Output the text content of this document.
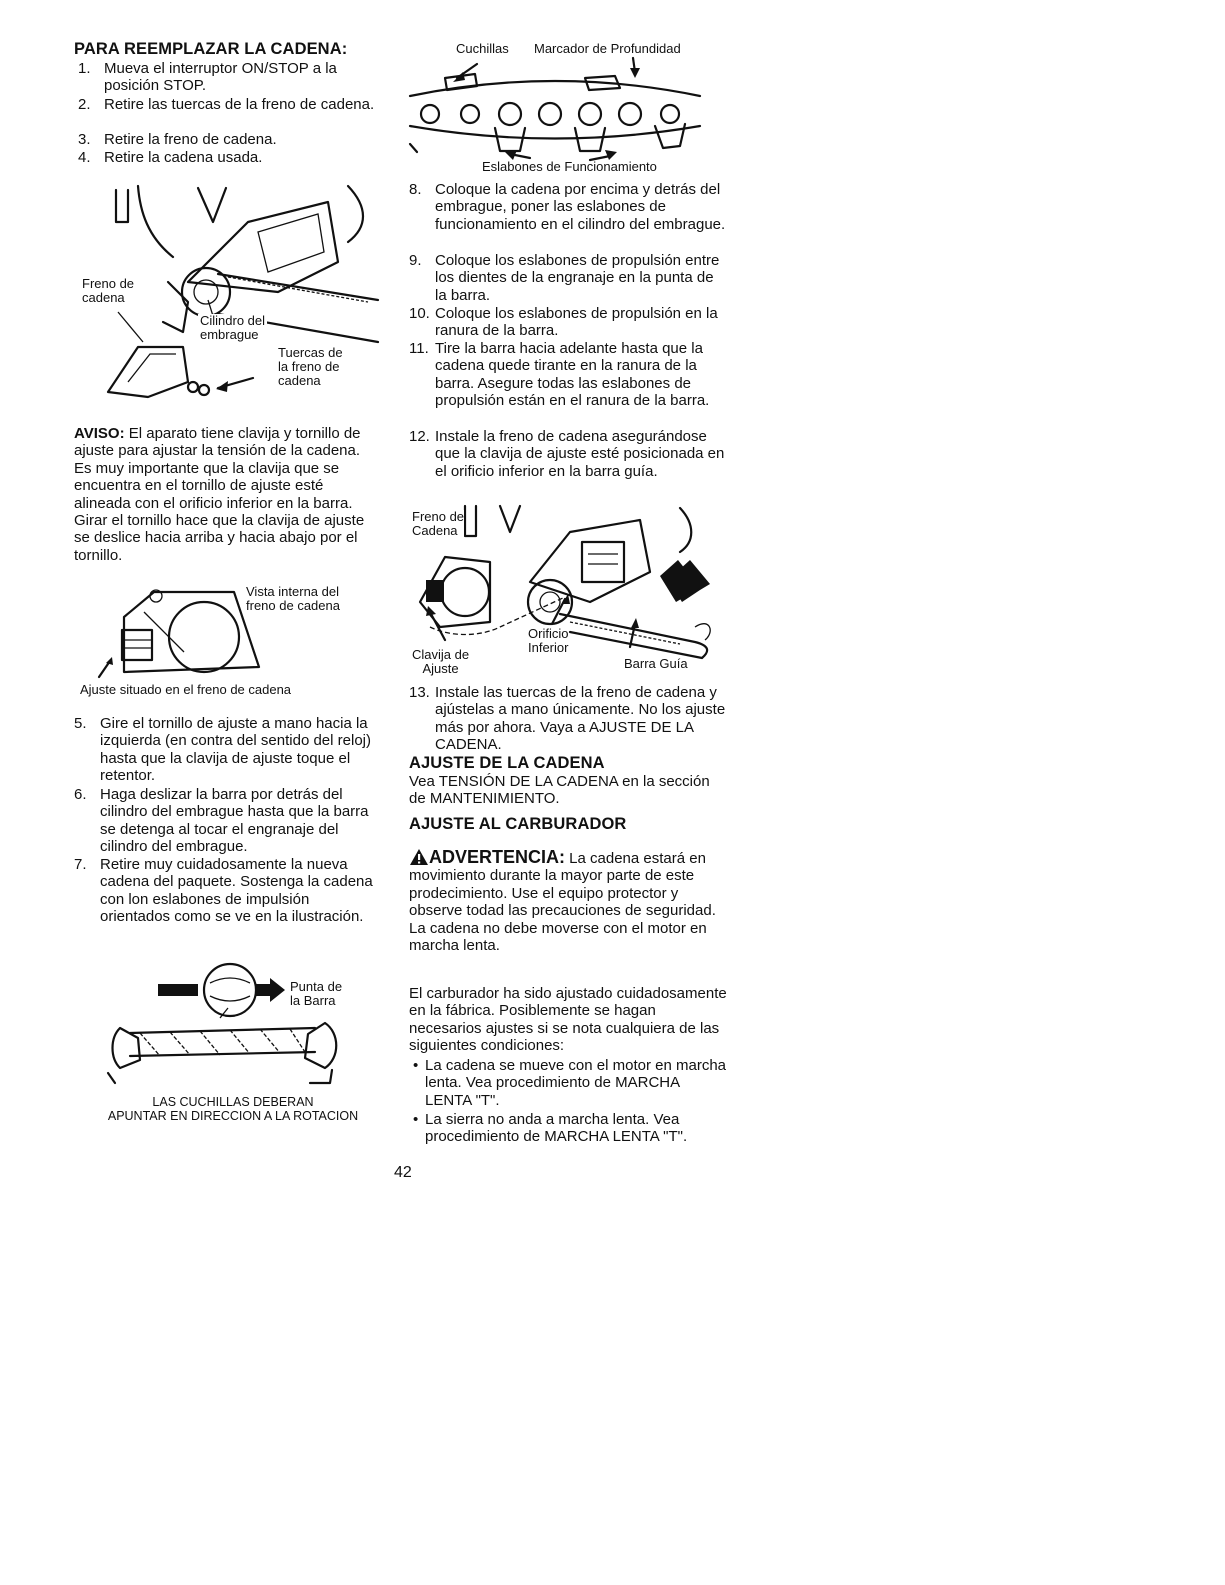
PARA REEMPLAZAR LA CADENA:
1. Mueva el interruptor ON/STOP a la posición STOP.
2. Retire las tuercas de la freno de cadena.
3. Retire la freno de cadena.
4. Retire la cadena usada.
Freno de
cadena
Cilindro del
embrague
Tuercas de
la freno de
cadena
AVISO: El aparato tiene clavija y tornillo de ajuste para ajustar la tensión de la cadena. Es muy importante que la clavija que se encuentra en el tornillo de ajuste esté alineada con el orificio inferior en la barra. Girar el tornillo hace que la clavija de ajuste se deslice hacia arriba y hacia abajo por el tornillo.
Vista interna del
freno de cadena
Ajuste situado en el freno de cadena
5. Gire el tornillo de ajuste a mano hacia la izquierda (en contra del sentido del reloj) hasta que la clavija de ajuste toque el retentor.
6. Haga deslizar la barra por detrás del cilindro del embrague hasta que la barra se detenga al tocar el engranaje del cilindro del embrague.
7. Retire muy cuidadosamente la nueva cadena del paquete. Sostenga la cadena con lon eslabones de impulsión orientados como se ve en la ilustración.
Punta de
la Barra
LAS CUCHILLAS DEBERAN
APUNTAR EN DIRECCION A LA ROTACION
Cuchillas Marcador de Profundidad
Eslabones de Funcionamiento
8. Coloque la cadena por encima y detrás del embrague, poner las eslabones de funcionamiento en el cilindro del embrague.
9. Coloque los eslabones de propulsión entre los dientes de la engranaje en la punta de la barra.
10. Coloque los eslabones de propulsión en la ranura de la barra.
11. Tire la barra hacia adelante hasta que la cadena quede tirante en la ranura de la barra. Asegure todas las eslabones de propulsión están en el ranura de la barra.
12. Instale la freno de cadena asegurándose que la clavija de ajuste esté posicionada en el orificio inferior en la barra guía.
Freno de
Cadena
Orificio
Inferior
Clavija de
Ajuste	Barra Guía
13. Instale las tuercas de la freno de cadena y ajústelas a mano únicamente. No los ajuste más por ahora. Vaya a AJUSTE DE LA CADENA.
AJUSTE DE LA CADENA
Vea TENSIÓN DE LA CADENA en la sección de MANTENIMIENTO.
AJUSTE AL CARBURADOR
ADVERTENCIA: La cadena estará en movimiento durante la mayor parte de este prodecimiento. Use el equipo protector y observe todad las precauciones de seguridad. La cadena no debe moverse con el motor en marcha lenta.
El carburador ha sido ajustado cuidadosamente en la fábrica. Posiblemente se hagan necesarios ajustes si se nota cualquiera de las siguientes condiciones:
• La cadena se mueve con el motor en marcha lenta. Vea procedimiento de MARCHA LENTA "T".
• La sierra no anda a marcha lenta. Vea procedimiento de MARCHA LENTA "T".
42
